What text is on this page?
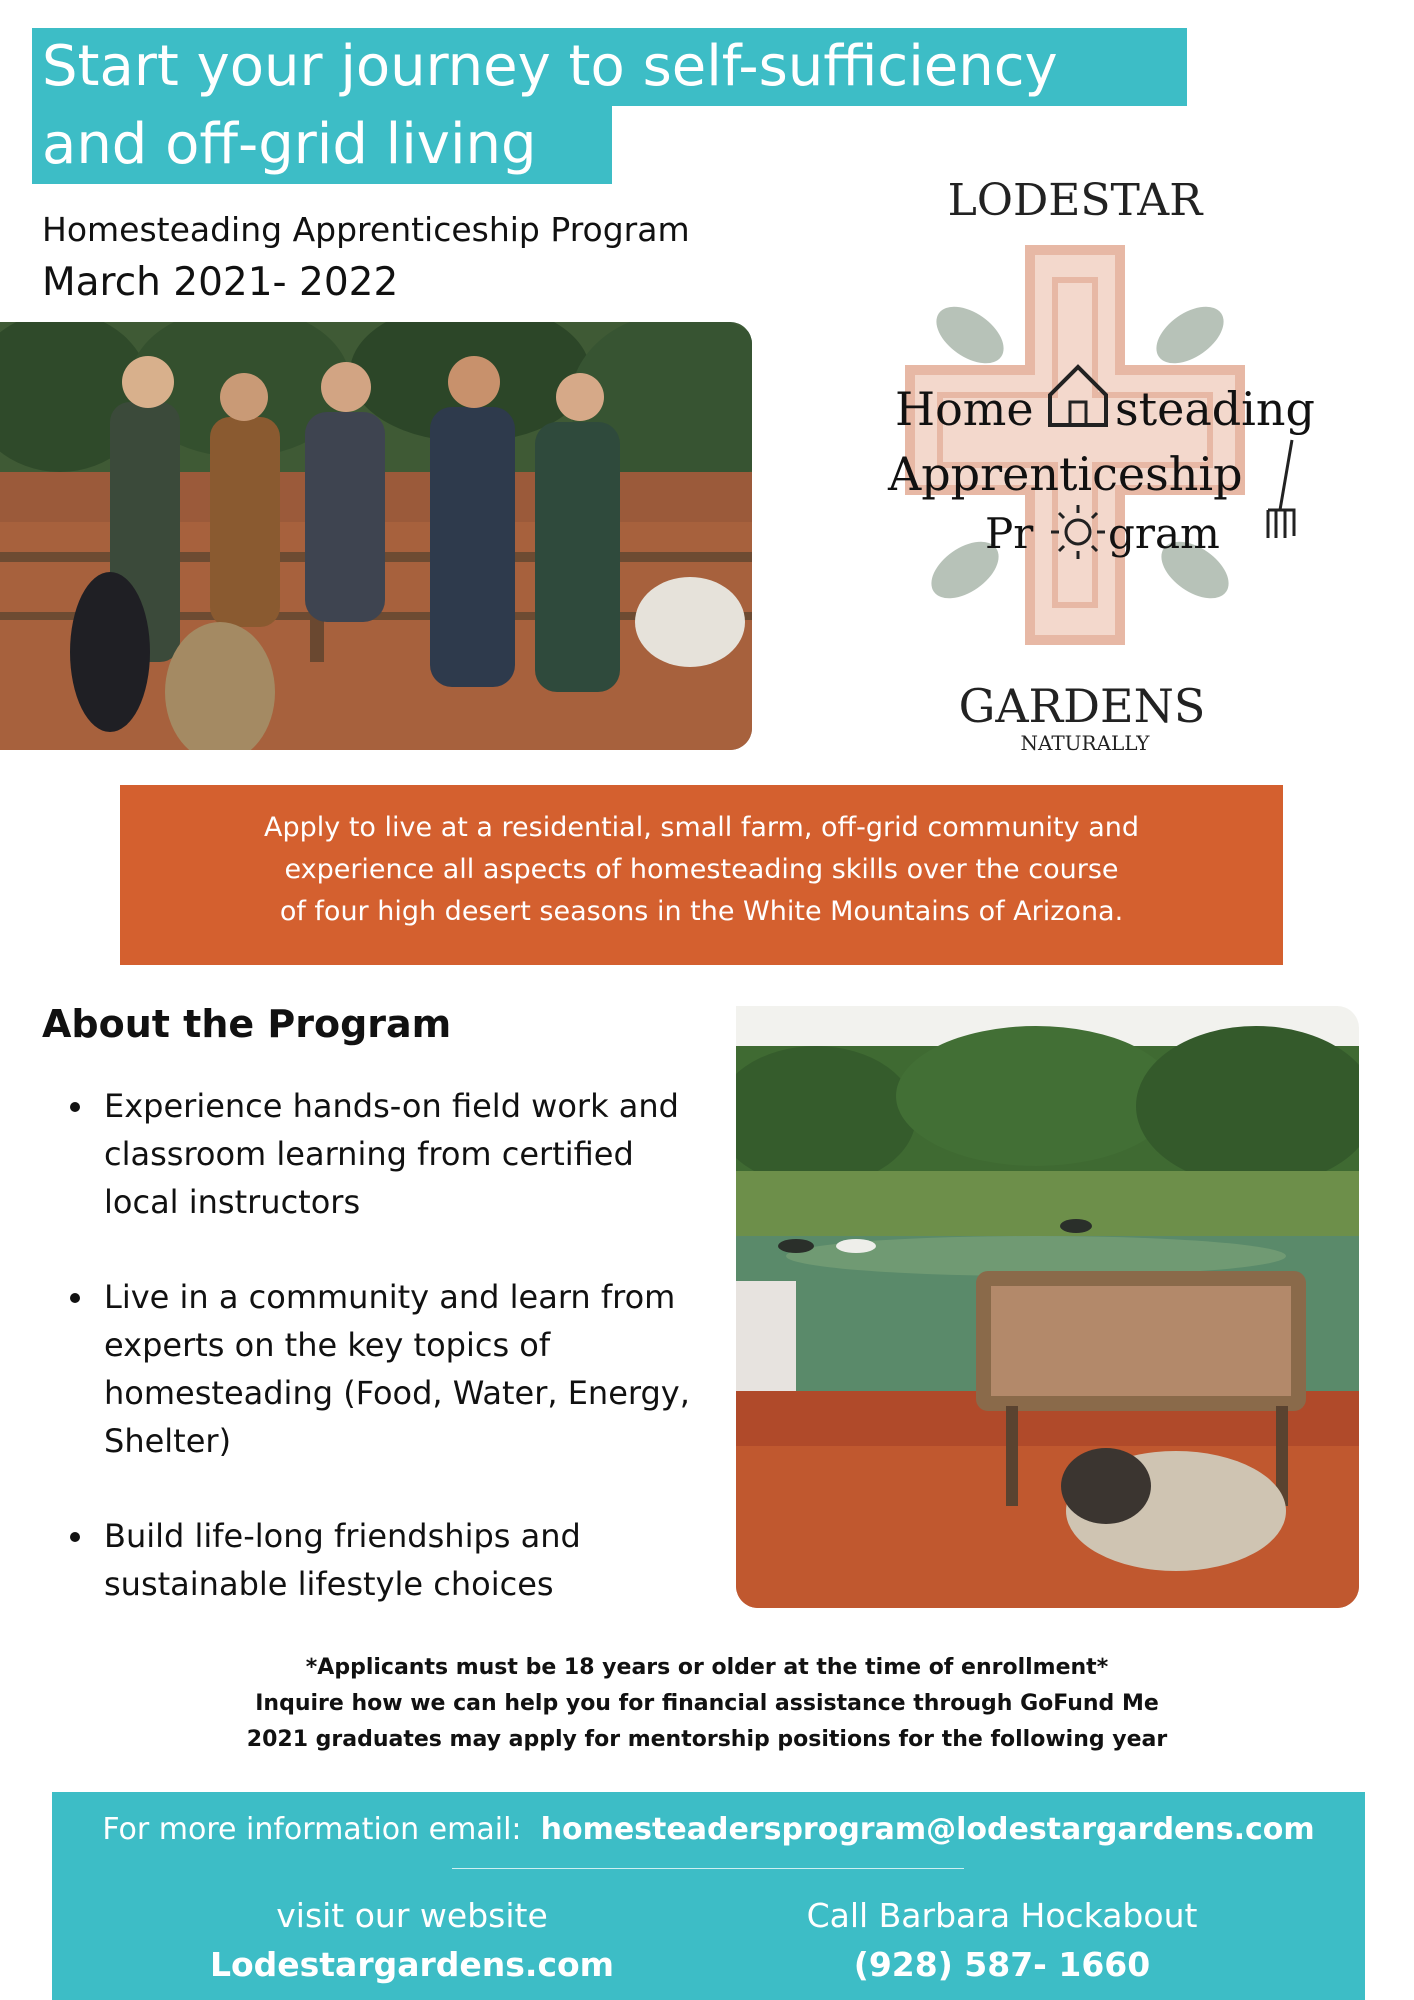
Start your journey to self-sufficiency
and off-grid living
Homesteading Apprenticeship Program
March 2021- 2022
LODESTAR
Home steading
Apprenticeship
Pr gram
GARDENS
NATURALLY
Apply to live at a residential, small farm, off-grid community and
experience all aspects of homesteading skills over the course
of four high desert seasons in the White Mountains of Arizona.
About the Program
Experience hands-on field work and classroom learning from certified local instructors
Live in a community and learn from experts on the key topics of homesteading (Food, Water, Energy, Shelter)
Build life-long friendships and sustainable lifestyle choices
*Applicants must be 18 years or older at the time of enrollment*
Inquire how we can help you for financial assistance through GoFund Me
2021 graduates may apply for mentorship positions for the following year
For more information email: homesteadersprogram@lodestargardens.com
visit our website
Lodestargardens.com
Call Barbara Hockabout
(928) 587- 1660
